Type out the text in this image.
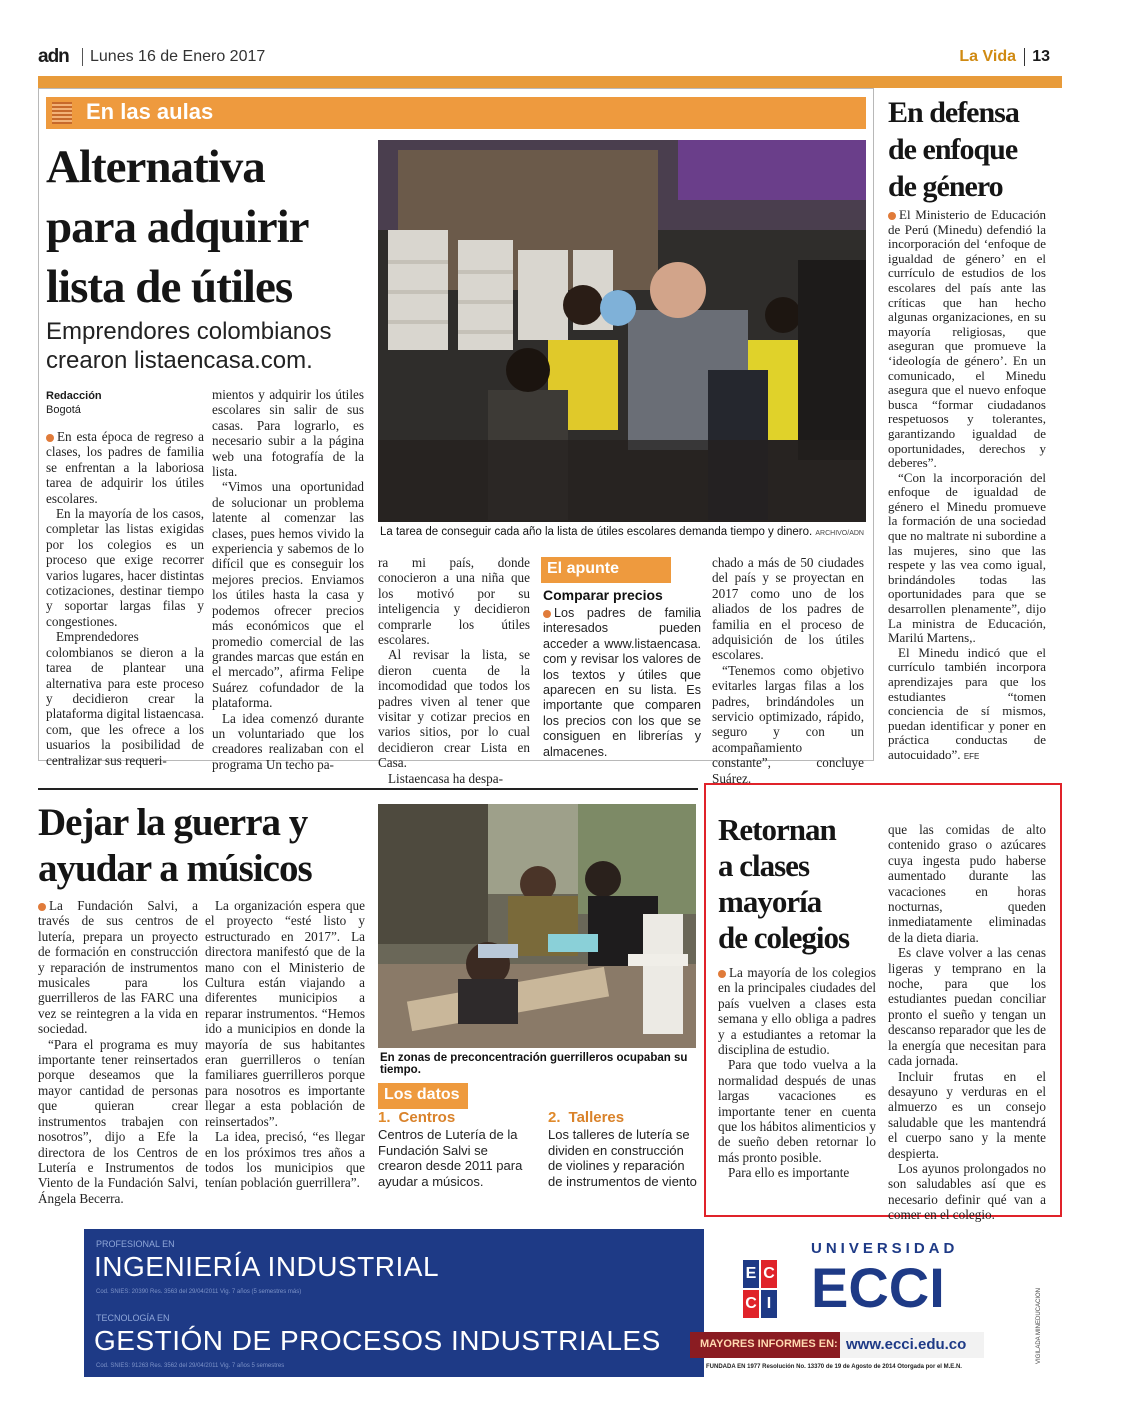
adn Lunes 16 de Enero 2017	La Vida	13
En las aulas
Alternativa
para adquirir
lista de útiles
Emprendores colombianos
crearon listaencasa.com.
Redacción
Bogotá

En esta época de regreso a clases, los padres de familia se enfrentan a la laboriosa tarea de adquirir los útiles escolares.

En la mayoría de los casos, completar las listas exigidas por los colegios es un proceso que exige recorrer varios lugares, hacer distintas cotizaciones, destinar tiempo y soportar largas filas y congestiones.

Emprendedores colombianos se dieron a la tarea de plantear una alternativa para este proceso y decidieron crear la plataforma digital listaencasa. com, que les ofrece a los usuarios la posibilidad de centralizar sus requeri-

mientos y adquirir los útiles escolares sin salir de sus casas. Para lograrlo, es necesario subir a la página web una fotografía de la lista.

“Vimos una oportunidad de solucionar un problema latente al comenzar las clases, pues hemos vivido la experiencia y sabemos de lo difícil que es conseguir los mejores precios. Enviamos los útiles hasta la casa y podemos ofrecer precios más económicos que el promedio comercial de las grandes marcas que están en el mercado”, afirma Felipe Suárez cofundador de la plataforma.

La idea comenzó durante un voluntariado que los creadores realizaban con el programa Un techo pa-

La tarea de conseguir cada año la lista de útiles escolares demanda tiempo y dinero. ARCHIVO/ADN

ra mi país, donde conocieron a una niña que los motivó por su inteligencia y decidieron comprarle los útiles escolares.

Al revisar la lista, se dieron cuenta de la incomodidad que todos los padres viven al tener que visitar y cotizar precios en varios sitios, por lo cual decidieron crear Lista en Casa.

Listaencasa ha despa-

El apunte
Comparar precios

Los padres de familia interesados pueden acceder a www.listaencasa. com y revisar los valores de los textos y útiles que aparecen en su lista. Es importante que comparen los precios con los que se consiguen en librerías y almacenes.

chado a más de 50 ciudades del país y se proyectan en 2017 como uno de los aliados de los padres de familia en el proceso de adquisición de los útiles escolares.

“Tenemos como objetivo evitarles largas filas a los padres, brindándoles un servicio optimizado, rápido, seguro y con un acompañamiento constante”, concluye Suárez.

En defensa
de enfoque
de género

El Ministerio de Educación de Perú (Minedu) defendió la incorporación del ‘enfoque de igualdad de género’ en el currículo de estudios de los escolares del país ante las críticas que han hecho algunas organizaciones, en su mayoría religiosas, que aseguran que promueve la ‘ideología de género’. En un comunicado, el Minedu asegura que el nuevo enfoque busca “formar ciudadanos respetuosos y tolerantes, garantizando igualdad de oportunidades, derechos y deberes”.

“Con la incorporación del enfoque de igualdad de género el Minedu promueve la formación de una sociedad que no maltrate ni subordine a las mujeres, sino que las respete y las vea como igual, brindándoles todas las oportunidades para que se desarrollen plenamente”, dijo La ministra de Educación, Marilú Martens,.

El Minedu indicó que el currículo también incorpora aprendizajes para que los estudiantes “tomen conciencia de sí mismos, puedan identificar y poner en práctica conductas de autocuidado”. EFE

Dejar la guerra y
ayudar a músicos

La Fundación Salvi, a través de sus centros de lutería, prepara un proyecto de formación en construcción y reparación de instrumentos musicales para los guerrilleros de las FARC una vez se reintegren a la vida en sociedad.

“Para el programa es muy importante tener reinsertados porque deseamos que la mayor cantidad de personas que quieran crear instrumentos trabajen con nosotros”, dijo a Efe la directora de los Centros de Lutería e Instrumentos de Viento de la Fundación Salvi, Ángela Becerra.

La organización espera que el proyecto “esté listo y estructurado en 2017”. La directora manifestó que de la mano con el Ministerio de Cultura están viajando a diferentes municipios a reparar instrumentos. “Hemos ido a municipios en donde la mayoría de sus habitantes eran guerrilleros o tenían familiares guerrilleros porque para nosotros es importante llegar a esta población de reinsertados”.

La idea, precisó, “es llegar en los próximos tres años a todos los municipios que tenían población guerrillera”.

En zonas de preconcentración guerrilleros ocupaban su tiempo.
Los datos
1. Centros
Centros de Lutería de la Fundación Salvi se crearon desde 2011 para ayudar a músicos.
2. Talleres
Los talleres de lutería se dividen en construcción de violines y reparación de instrumentos de viento
Retornan
a clases
mayoría
de colegios

La mayoría de los colegios en la principales ciudades del país vuelven a clases esta semana y ello obliga a padres y a estudiantes a retomar la disciplina de estudio.

Para que todo vuelva a la normalidad después de unas largas vacaciones es importante tener en cuenta que los hábitos alimenticios y de sueño deben retornar lo más pronto posible.

Para ello es importante

que las comidas de alto contenido graso o azúcares cuya ingesta pudo haberse aumentado durante las vacaciones en horas nocturnas, queden inmediatamente eliminadas de la dieta diaria.

Es clave volver a las cenas ligeras y temprano en la noche, para que los estudiantes puedan conciliar pronto el sueño y tengan un descanso reparador que les de la energía que necesitan para cada jornada.

Incluir frutas en el desayuno y verduras en el almuerzo es un consejo saludable que les mantendrá el cuerpo sano y la mente despierta.

Los ayunos prolongados no son saludables así que es necesario definir qué van a comer en el colegio.

PROFESIONAL EN
INGENIERÍA INDUSTRIAL
Cod. SNIES: 20390 Res. 3563 del 29/04/2011 Vig. 7 años (5 semestres más)
TECNOLOGÍA EN
GESTIÓN DE PROCESOS INDUSTRIALES
Cod. SNIES: 91263 Res. 3562 del 29/04/2011 Vig. 7 años 5 semestres
E C
C I
UNIVERSIDAD
ECCI
MAYORES INFORMES EN: www.ecci.edu.co
FUNDADA EN 1977 Resolución No. 13370 de 19 de Agosto de 2014 Otorgada por el M.E.N.
VIGILADA MINEDUCACIÓN
